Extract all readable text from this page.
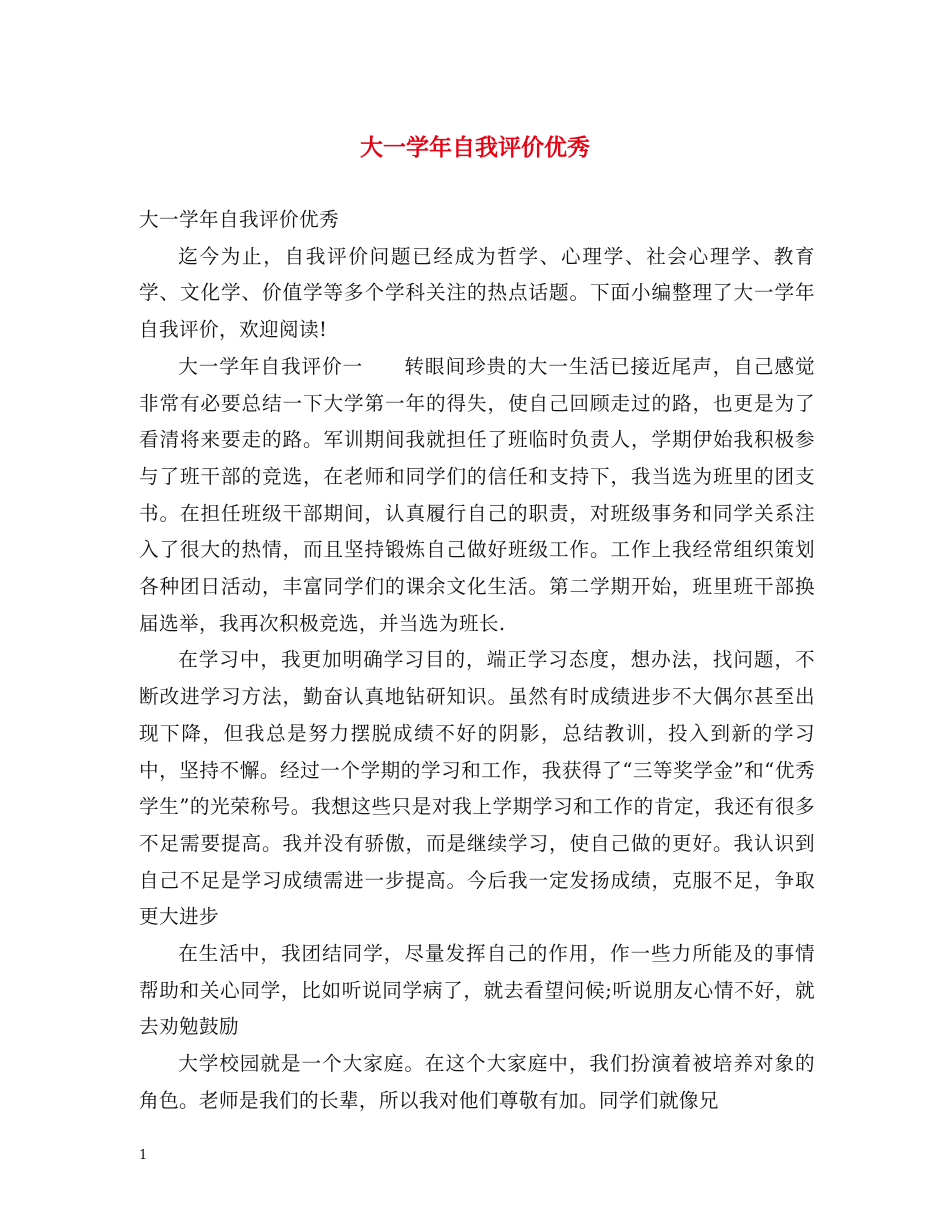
大一学年自我评价优秀

大一学年自我评价优秀

迄今为止，自我评价问题已经成为哲学、心理学、社会心理学、教育学、文化学、价值学等多个学科关注的热点话题。下面小编整理了大一学年自我评价，欢迎阅读!

大一学年自我评价一　　转眼间珍贵的大一生活已接近尾声，自己感觉非常有必要总结一下大学第一年的得失，使自己回顾走过的路，也更是为了看清将来要走的路。军训期间我就担任了班临时负责人，学期伊始我积极参与了班干部的竞选，在老师和同学们的信任和支持下，我当选为班里的团支书。在担任班级干部期间，认真履行自己的职责，对班级事务和同学关系注入了很大的热情，而且坚持锻炼自己做好班级工作。工作上我经常组织策划各种团日活动，丰富同学们的课余文化生活。第二学期开始，班里班干部换届选举，我再次积极竞选，并当选为班长.

在学习中，我更加明确学习目的，端正学习态度，想办法，找问题，不断改进学习方法，勤奋认真地钻研知识。虽然有时成绩进步不大偶尔甚至出现下降，但我总是努力摆脱成绩不好的阴影，总结教训，投入到新的学习中，坚持不懈。经过一个学期的学习和工作，我获得了“三等奖学金”和“优秀学生”的光荣称号。我想这些只是对我上学期学习和工作的肯定，我还有很多不足需要提高。我并没有骄傲，而是继续学习，使自己做的更好。我认识到自己不足是学习成绩需进一步提高。今后我一定发扬成绩，克服不足，争取更大进步

在生活中，我团结同学，尽量发挥自己的作用，作一些力所能及的事情帮助和关心同学，比如听说同学病了，就去看望问候;听说朋友心情不好，就去劝勉鼓励

大学校园就是一个大家庭。在这个大家庭中，我们扮演着被培养对象的角色。老师是我们的长辈，所以我对他们尊敬有加。同学们就像兄

1
